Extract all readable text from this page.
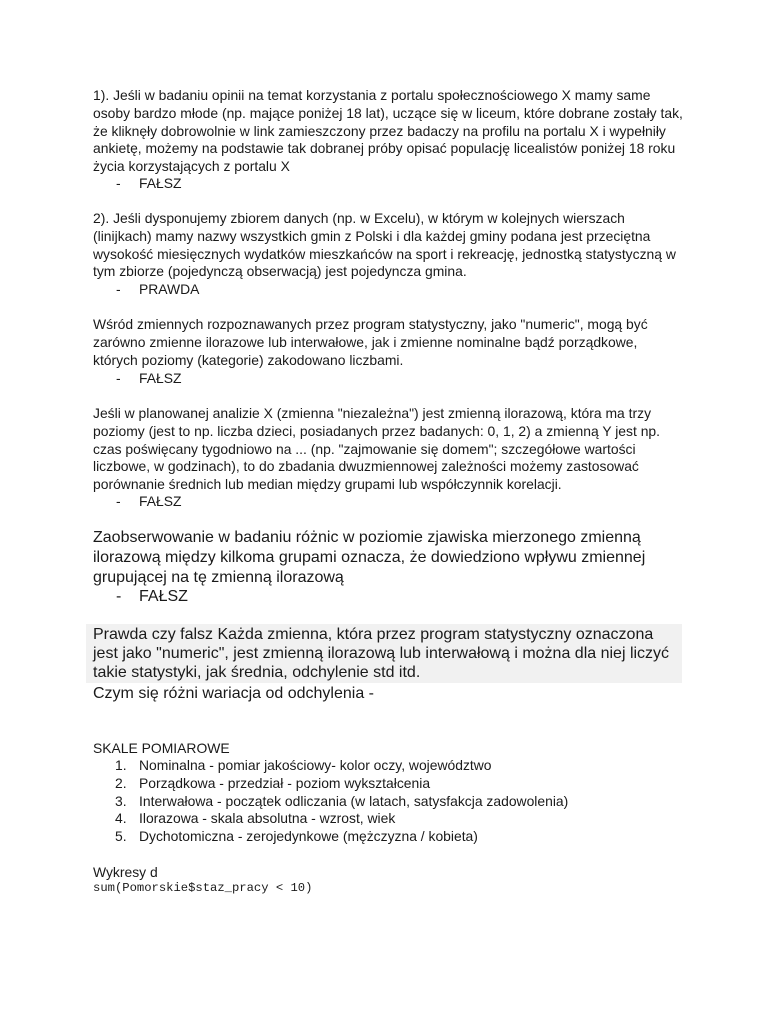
1). Jeśli w badaniu opinii na temat korzystania z portalu społecznościowego X mamy same osoby bardzo młode (np. mające poniżej 18 lat), uczące się w liceum, które dobrane zostały tak, że kliknęły dobrowolnie w link zamieszczony przez badaczy na profilu na portalu X i wypełniły ankietę, możemy na podstawie tak dobranej próby opisać populację licealistów poniżej 18 roku życia korzystających z portalu X

- FAŁSZ

2). Jeśli dysponujemy zbiorem danych (np. w Excelu), w którym w kolejnych wierszach (linijkach) mamy nazwy wszystkich gmin z Polski i dla każdej gminy podana jest przeciętna wysokość miesięcznych wydatków mieszkańców na sport i rekreację, jednostką statystyczną w tym zbiorze (pojedynczą obserwacją) jest pojedyncza gmina.

- PRAWDA

Wśród zmiennych rozpoznawanych przez program statystyczny, jako "numeric", mogą być zarówno zmienne ilorazowe lub interwałowe, jak i zmienne nominalne bądź porządkowe, których poziomy (kategorie) zakodowano liczbami.

- FAŁSZ

Jeśli w planowanej analizie X (zmienna "niezależna") jest zmienną ilorazową, która ma trzy poziomy (jest to np. liczba dzieci, posiadanych przez badanych: 0, 1, 2) a zmienną Y jest np. czas poświęcany tygodniowo na ... (np. "zajmowanie się domem"; szczegółowe wartości liczbowe, w godzinach), to do zbadania dwuzmiennowej zależności możemy zastosować porównanie średnich lub median między grupami lub współczynnik korelacji.

- FAŁSZ

Zaobserwowanie w badaniu różnic w poziomie zjawiska mierzonego zmienną ilorazową między kilkoma grupami oznacza, że dowiedziono wpływu zmiennej grupującej na tę zmienną ilorazową

- FAŁSZ

Prawda czy falsz Każda zmienna, która przez program statystyczny oznaczona jest jako "numeric", jest zmienną ilorazową lub interwałową i można dla niej liczyć takie statystyki, jak średnia, odchylenie std itd.

Czym się różni wariacja od odchylenia -

SKALE POMIAROWE

1. Nominalna - pomiar jakościowy- kolor oczy, województwo
2. Porządkowa - przedział - poziom wykształcenia
3. Interwałowa - początek odliczania (w latach, satysfakcja zadowolenia)
4. Ilorazowa - skala absolutna - wzrost, wiek
5. Dychotomiczna - zerojedynkowe (mężczyzna / kobieta)

Wykresy d

sum(Pomorskie$staz_pracy < 10)
